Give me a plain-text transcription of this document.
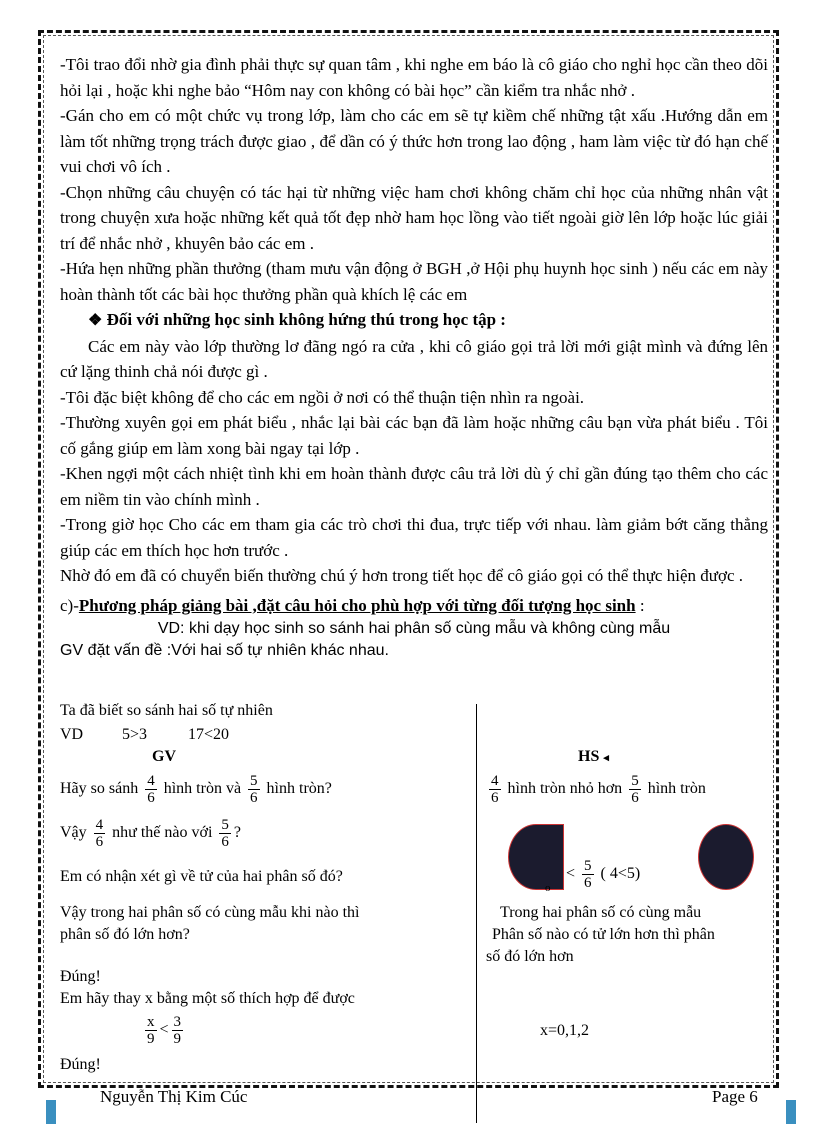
-Tôi trao đổi nhờ gia đình phải thực sự quan tâm , khi nghe em báo là cô giáo cho nghỉ học cần theo dõi hỏi lại , hoặc khi nghe bảo “Hôm nay con không có bài học” cần kiểm tra nhắc nhở .

-Gán cho em có một chức vụ trong lớp, làm cho các em sẽ tự kiềm chế những tật xấu .Hướng dẫn em làm tốt những trọng trách được giao , để dần có ý thức hơn trong lao động , ham làm việc từ đó hạn chế vui chơi vô ích .

-Chọn những câu chuyện có tác hại từ những việc ham chơi không chăm chỉ học của những nhân vật trong chuyện xưa hoặc những kết quả tốt đẹp nhờ ham học lồng vào tiết ngoài giờ lên lớp hoặc lúc giải trí để nhắc nhở , khuyên bảo các em .

-Hứa hẹn những phần thưởng (tham mưu vận động ở BGH ,ở Hội phụ huynh học sinh ) nếu các em này hoàn thành tốt các bài học thưởng phần quà khích lệ các em

❖ Đối với những học sinh không hứng thú trong học tập :

Các em này vào lớp thường lơ đãng ngó ra cửa , khi cô giáo gọi trả lời mới giật mình và đứng lên cứ lặng thinh chả nói được gì .

-Tôi đặc biệt không để cho các em ngồi ở nơi có thể thuận tiện nhìn ra ngoài.

-Thường xuyên gọi em phát biểu , nhắc lại bài các bạn đã làm hoặc những câu bạn vừa phát biểu . Tôi cố gắng giúp em làm xong bài ngay tại lớp .

-Khen ngợi một cách nhiệt tình khi em hoàn thành được câu trả lời dù ý chỉ gần đúng tạo thêm cho các em niềm tin vào chính mình .

-Trong giờ học Cho các em tham gia các trò chơi thi đua, trực tiếp với nhau. làm giảm bớt căng thẳng giúp các em thích học hơn trước .

Nhờ đó em đã có chuyển biến thường chú ý hơn trong tiết học để cô giáo gọi có thể thực hiện được .

c)-Phương pháp giảng bài ,đặt câu hỏi cho phù hợp với từng đối tượng học sinh :

VD: khi dạy học sinh so sánh hai phân số cùng mẫu và không cùng mẫu

GV đặt vấn đề :Với hai số tự nhiên khác nhau.

Ta đã biết so sánh hai số tự nhiên
VD 5>3	17<20
GV
Hãy so sánh $\frac{4}{6}$ hình tròn và $\frac{5}{6}$ hình tròn?
Vậy $\frac{4}{6}$ như thế nào với $\frac{5}{6}$ ?
Em có nhận xét gì về tử của hai phân số đó?
Vậy trong hai phân số có cùng mẫu khi nào thì
phân số đó lớn hơn?
Đúng!
Em hãy thay x bằng một số thích hợp để được
$\frac{x}{9} < \frac{3}{9}$
Đúng!
HS ◂
$\frac{4}{6}$ hình tròn nhỏ hơn $\frac{5}{6}$ hình tròn
o
< $\frac{5}{6}$ ( 4<5)
Trong hai phân số có cùng mẫu
Phân số nào có tử lớn hơn thì phân
số đó lớn hơn
x=0,1,2
Nguyễn Thị Kim Cúc	Page 6
